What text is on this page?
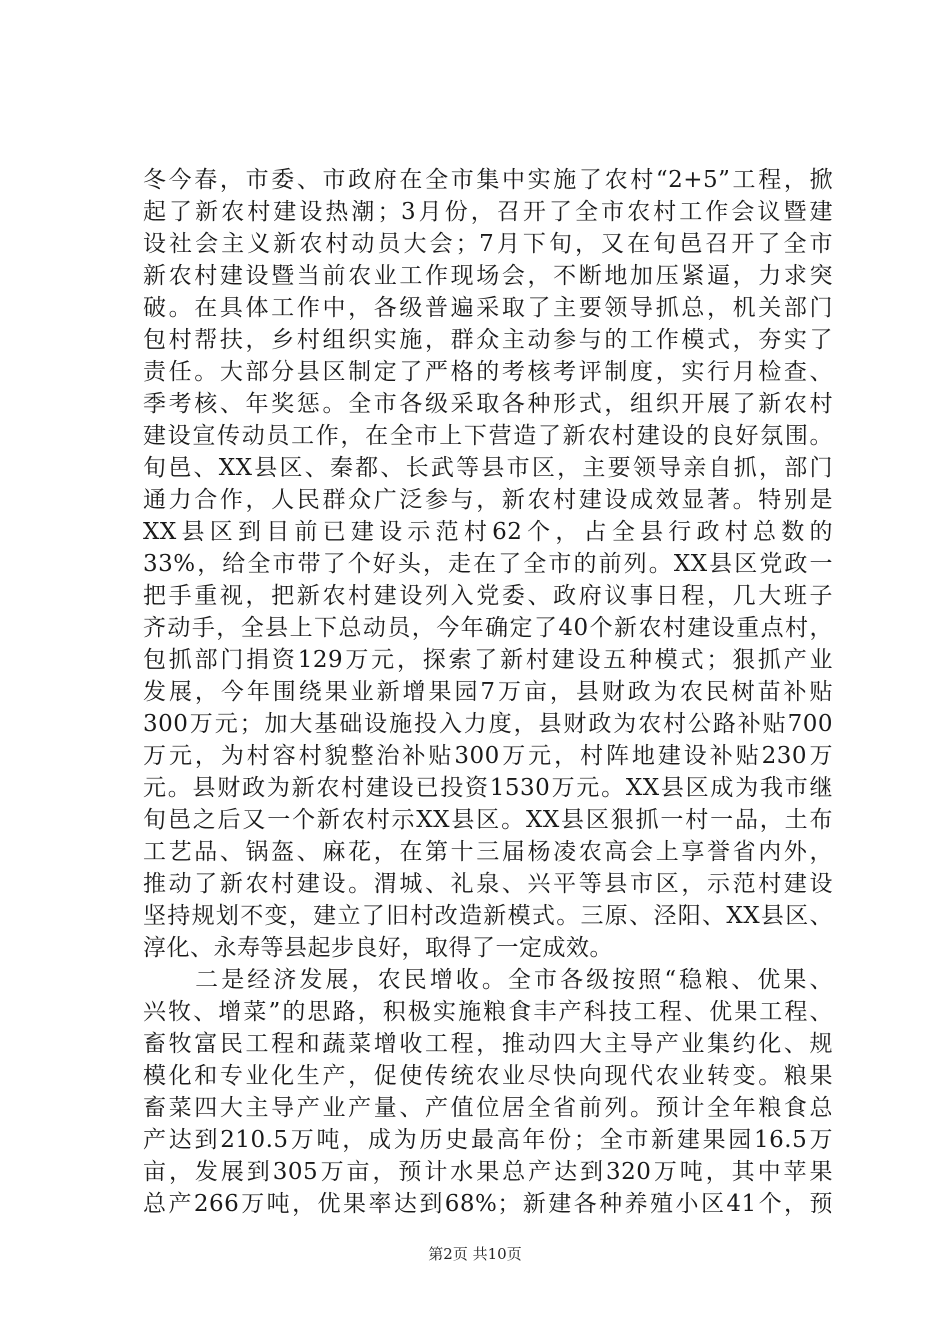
冬今春，市委、市政府在全市集中实施了农村“2+5”工程，掀
起了新农村建设热潮；3月份，召开了全市农村工作会议暨建
设社会主义新农村动员大会；7月下旬，又在旬邑召开了全市
新农村建设暨当前农业工作现场会，不断地加压紧逼，力求突
破。在具体工作中，各级普遍采取了主要领导抓总，机关部门
包村帮扶，乡村组织实施，群众主动参与的工作模式，夯实了
责任。大部分县区制定了严格的考核考评制度，实行月检查、
季考核、年奖惩。全市各级采取各种形式，组织开展了新农村
建设宣传动员工作，在全市上下营造了新农村建设的良好氛围。
旬邑、XX县区、秦都、长武等县市区，主要领导亲自抓，部门
通力合作，人民群众广泛参与，新农村建设成效显著。特别是
XX县区到目前已建设示范村62个，占全县行政村总数的
33%，给全市带了个好头，走在了全市的前列。XX县区党政一
把手重视，把新农村建设列入党委、政府议事日程，几大班子
齐动手，全县上下总动员，今年确定了40个新农村建设重点村，
包抓部门捐资129万元，探索了新村建设五种模式；狠抓产业
发展，今年围绕果业新增果园7万亩，县财政为农民树苗补贴
300万元；加大基础设施投入力度，县财政为农村公路补贴700
万元，为村容村貌整治补贴300万元，村阵地建设补贴230万
元。县财政为新农村建设已投资1530万元。XX县区成为我市继
旬邑之后又一个新农村示XX县区。XX县区狠抓一村一品，土布
工艺品、锅盔、麻花，在第十三届杨凌农高会上享誉省内外，
推动了新农村建设。渭城、礼泉、兴平等县市区，示范村建设
坚持规划不变，建立了旧村改造新模式。三原、泾阳、XX县区、
淳化、永寿等县起步良好，取得了一定成效。
　　二是经济发展，农民增收。全市各级按照“稳粮、优果、
兴牧、增菜”的思路，积极实施粮食丰产科技工程、优果工程、
畜牧富民工程和蔬菜增收工程，推动四大主导产业集约化、规
模化和专业化生产，促使传统农业尽快向现代农业转变。粮果
畜菜四大主导产业产量、产值位居全省前列。预计全年粮食总
产达到210.5万吨，成为历史最高年份；全市新建果园16.5万
亩，发展到305万亩，预计水果总产达到320万吨，其中苹果
总产266万吨，优果率达到68%；新建各种养殖小区41个，预
第2页 共10页
